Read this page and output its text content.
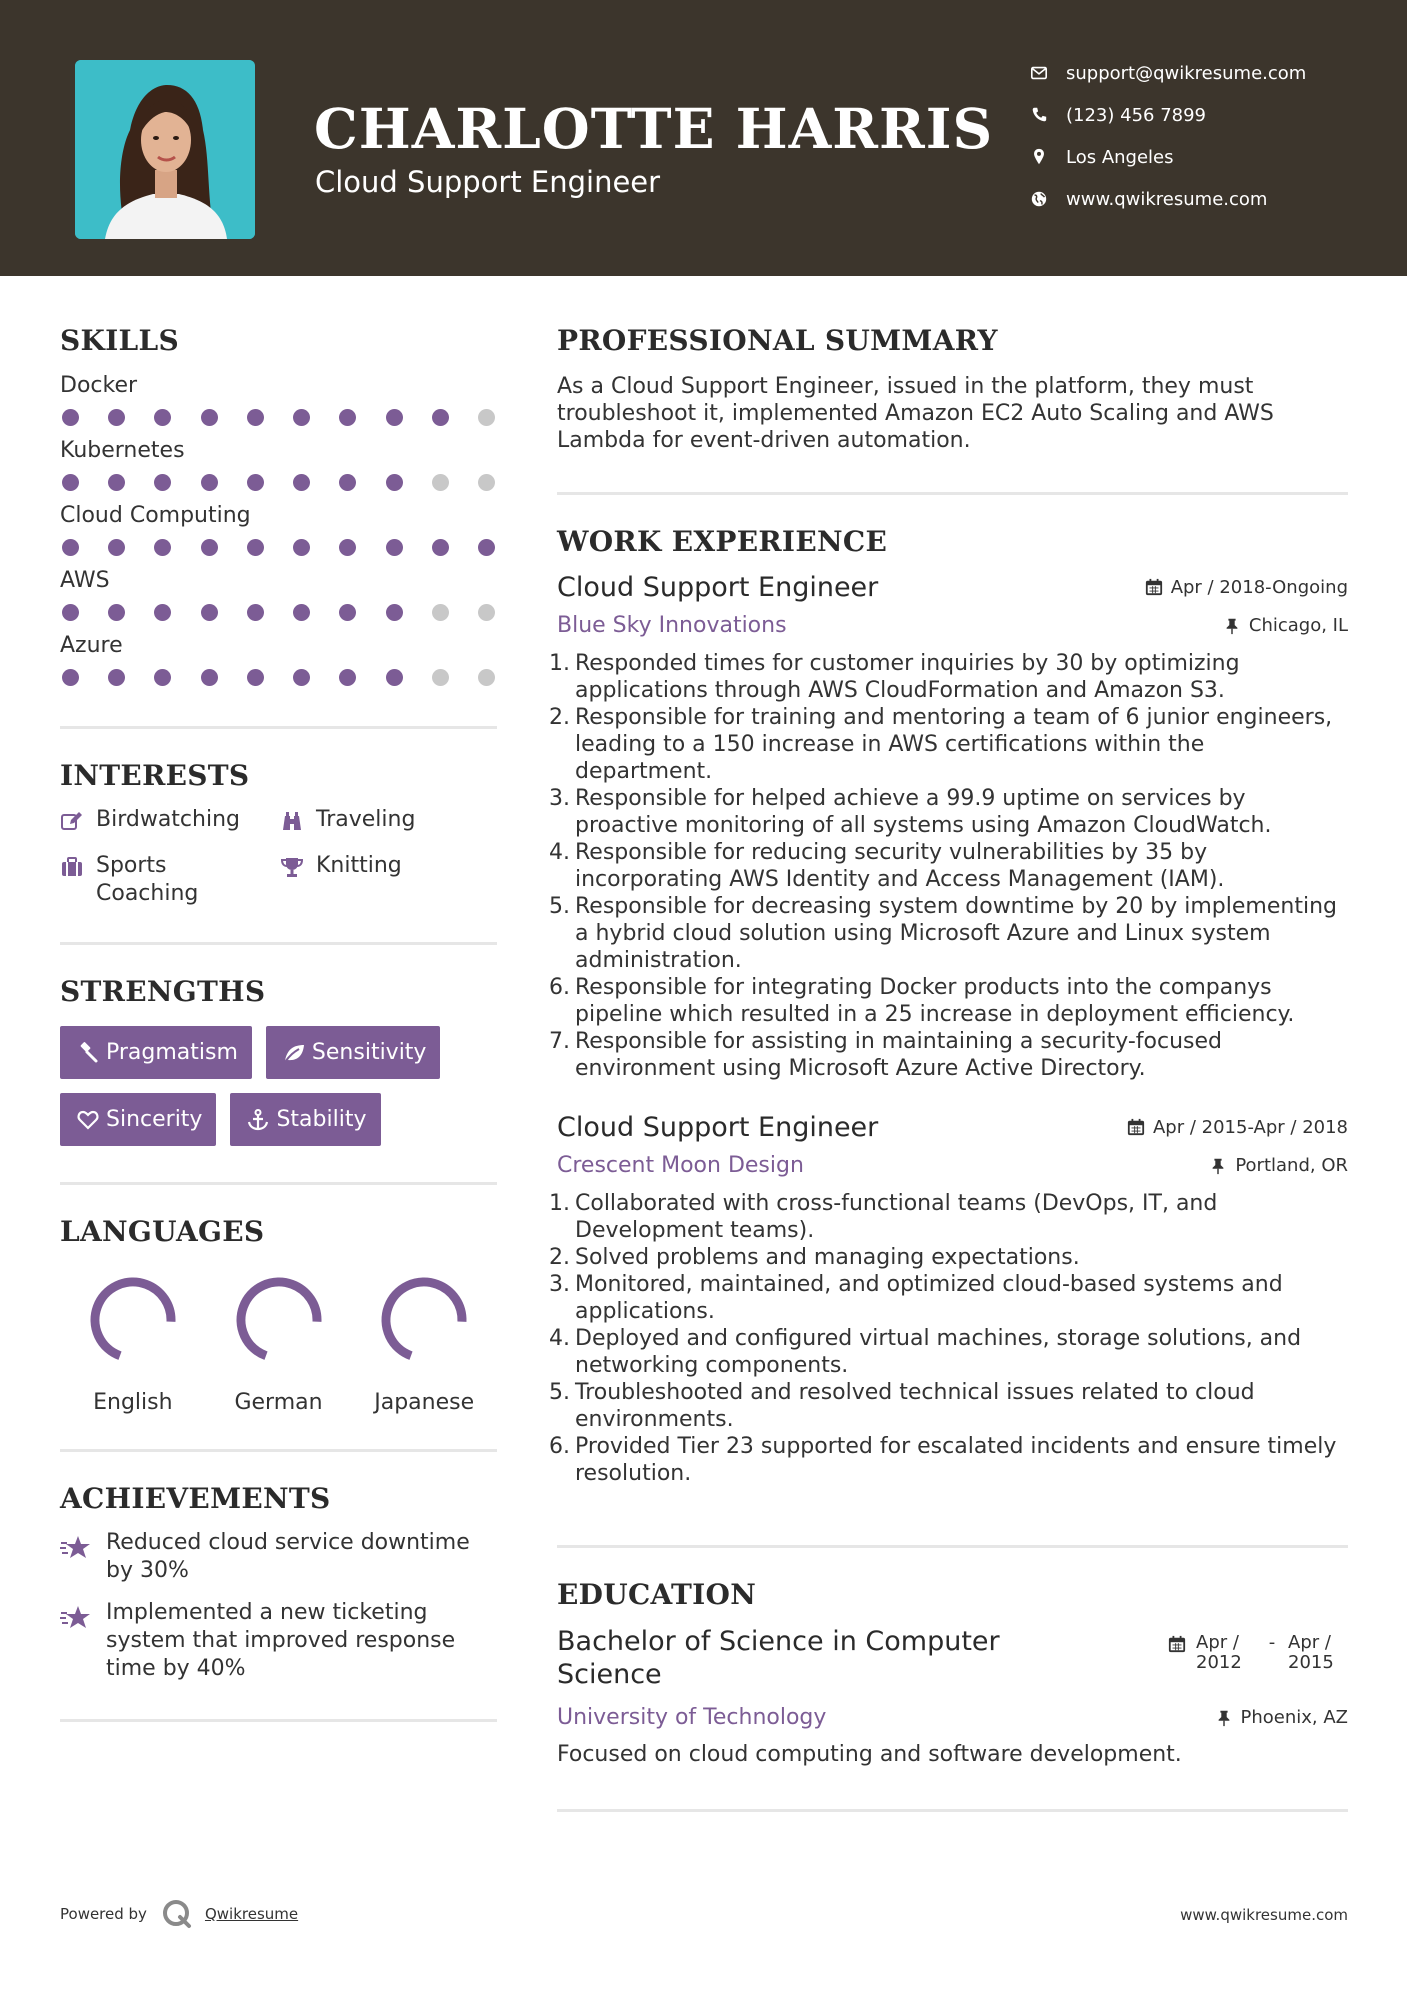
CHARLOTTE HARRIS
Cloud Support Engineer
support@qwikresume.com
(123) 456 7899
Los Angeles
www.qwikresume.com
SKILLS
Docker
Kubernetes
Cloud Computing
AWS
Azure
INTERESTS
Birdwatching	Traveling
Sports Coaching
Knitting
STRENGTHS
Pragmatism	Sensitivity
Sincerity	Stability
LANGUAGES
English	German Japanese
ACHIEVEMENTS
Reduced cloud service downtime by 30%
Implemented a new ticketing system that improved response time by 40%
PROFESSIONAL SUMMARY
As a Cloud Support Engineer, issued in the platform, they must troubleshoot it, implemented Amazon EC2 Auto Scaling and AWS Lambda for event-driven automation.
WORK EXPERIENCE
Cloud Support Engineer	Apr / 2018-Ongoing
Blue Sky Innovations	Chicago, IL
1. Responded times for customer inquiries by 30 by optimizing applications through AWS CloudFormation and Amazon S3.
2. Responsible for training and mentoring a team of 6 junior engineers, leading to a 150 increase in AWS certifications within the department.
3. Responsible for helped achieve a 99.9 uptime on services by proactive monitoring of all systems using Amazon CloudWatch.
4. Responsible for reducing security vulnerabilities by 35 by incorporating AWS Identity and Access Management (IAM).
5. Responsible for decreasing system downtime by 20 by implementing a hybrid cloud solution using Microsoft Azure and Linux system administration.
6. Responsible for integrating Docker products into the companys pipeline which resulted in a 25 increase in deployment efficiency.
7. Responsible for assisting in maintaining a security-focused environment using Microsoft Azure Active Directory.
Cloud Support Engineer	Apr / 2015-Apr / 2018
Crescent Moon Design	Portland, OR
1. Collaborated with cross-functional teams (DevOps, IT, and Development teams).
2. Solved problems and managing expectations.
3. Monitored, maintained, and optimized cloud-based systems and applications.
4. Deployed and configured virtual machines, storage solutions, and networking components.
5. Troubleshooted and resolved technical issues related to cloud environments.
6. Provided Tier 23 supported for escalated incidents and ensure timely resolution.
EDUCATION
Bachelor of Science in Computer Science
Apr / 2012
- Apr / 2015
University of Technology	Phoenix, AZ
Focused on cloud computing and software development.
Powered by	Qwikresume	www.qwikresume.com
